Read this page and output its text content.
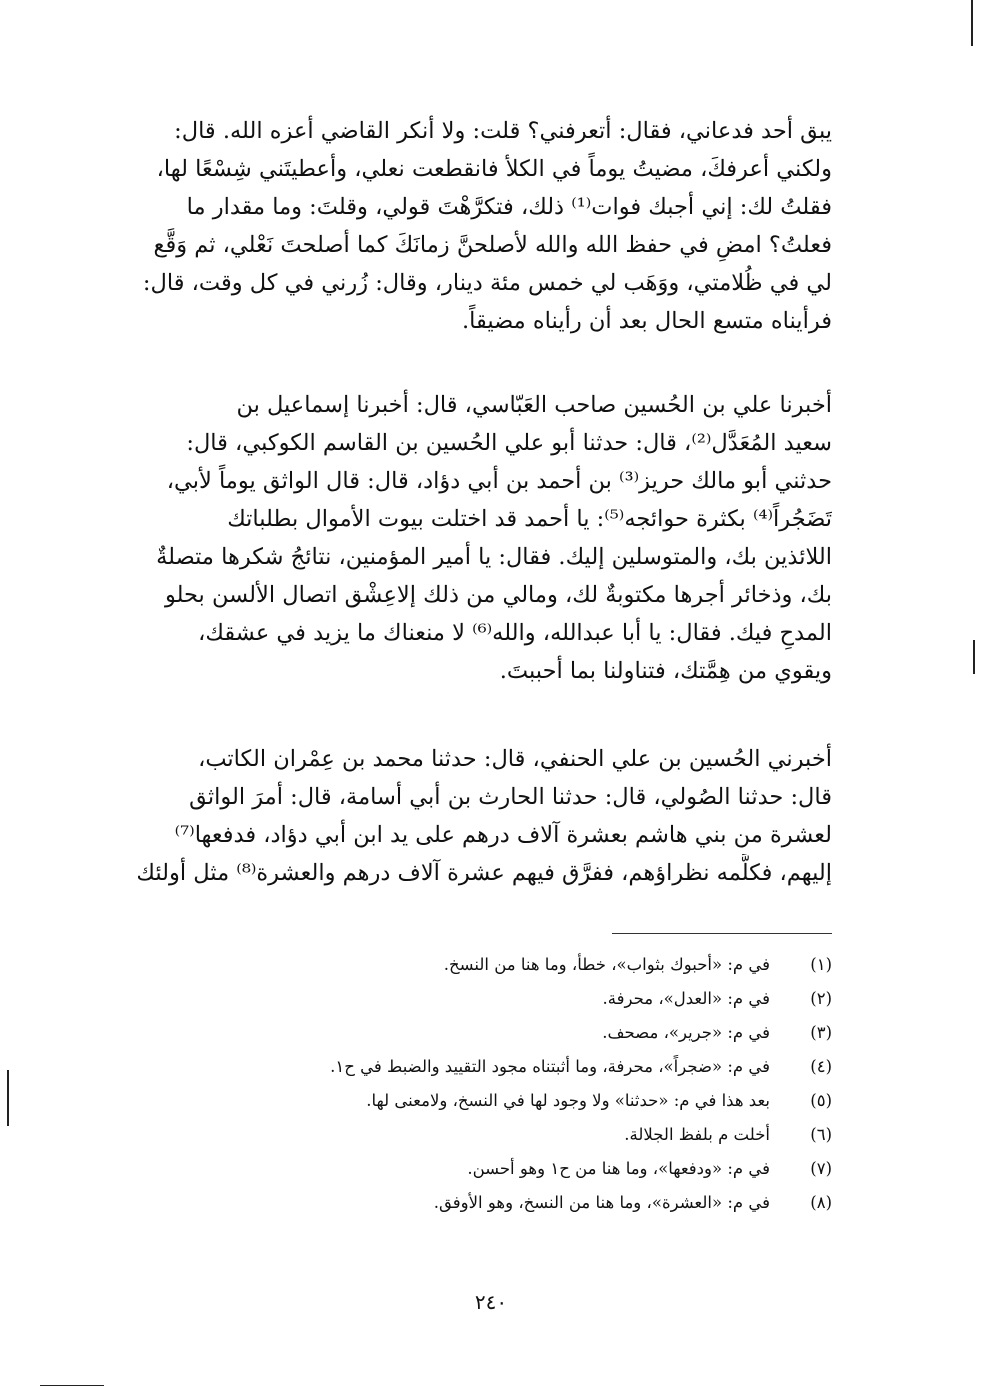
يبق أحد فدعاني، فقال: أتعرفني؟ قلت: ولا أنكر القاضي أعزه الله. قال:
ولكني أعرفكَ، مضيتُ يوماً في الكلأ فانقطعت نعلي، وأعطيتَني شِسْعًا لها،
فقلتُ لك: إني أجبك فوات⁽¹⁾ ذلك، فتكرَّهْتَ قولي، وقلتَ: وما مقدار ما
فعلتُ؟ امضِ في حفظ الله والله لأصلحنَّ زمانَكَ كما أصلحتَ نَعْلي، ثم وَقَّع
لي في ظُلامتي، ووَهَب لي خمس مئة دينار، وقال: زُرني في كل وقت، قال:
فرأيناه متسع الحال بعد أن رأيناه مضيقاً.
أخبرنا علي بن الحُسين صاحب العَبّاسي، قال: أخبرنا إسماعيل بن
سعيد المُعَدَّل⁽²⁾، قال: حدثنا أبو علي الحُسين بن القاسم الكوكبي، قال:
حدثني أبو مالك حريز⁽³⁾ بن أحمد بن أبي دؤاد، قال: قال الواثق يوماً لأبي،
تَضَجُراً⁽⁴⁾ بكثرة حوائجه⁽⁵⁾: يا أحمد قد اختلت بيوت الأموال بطلباتك
اللائذين بك، والمتوسلين إليك. فقال: يا أمير المؤمنين، نتائجُ شكرها متصلةٌ
بك، وذخائر أجرها مكتوبةٌ لك، ومالي من ذلك إلاعِشْق اتصال الألسن بحلو
المدحِ فيك. فقال: يا أبا عبدالله، والله⁽⁶⁾ لا منعناك ما يزيد في عشقك،
ويقوي من هِمَّتك، فتناولنا بما أحببتَ.
أخبرني الحُسين بن علي الحنفي، قال: حدثنا محمد بن عِمْران الكاتب،
قال: حدثنا الصُولي، قال: حدثنا الحارث بن أبي أسامة، قال: أمرَ الواثق
لعشرة من بني هاشم بعشرة آلاف درهم على يد ابن أبي دؤاد، فدفعها⁽⁷⁾
إليهم، فكلَّمه نظراؤهم، ففرَّق فيهم عشرة آلاف درهم والعشرة⁽⁸⁾ مثل أولئك
(١)
في م: «أحبوك بثواب»، خطأ، وما هنا من النسخ.
(٢)
في م: «العدل»، محرفة.
(٣)
في م: «جرير»، مصحف.
(٤)
في م: «ضجراً»، محرفة، وما أثبتناه مجود التقييد والضبط في ح١.
(٥)
بعد هذا في م: «حدثنا» ولا وجود لها في النسخ، ولامعنى لها.
(٦)
أخلت م بلفظ الجلالة.
(٧)
في م: «ودفعها»، وما هنا من ح١ وهو أحسن.
(٨)
في م: «العشرة»، وما هنا من النسخ، وهو الأوفق.
٢٤٠
